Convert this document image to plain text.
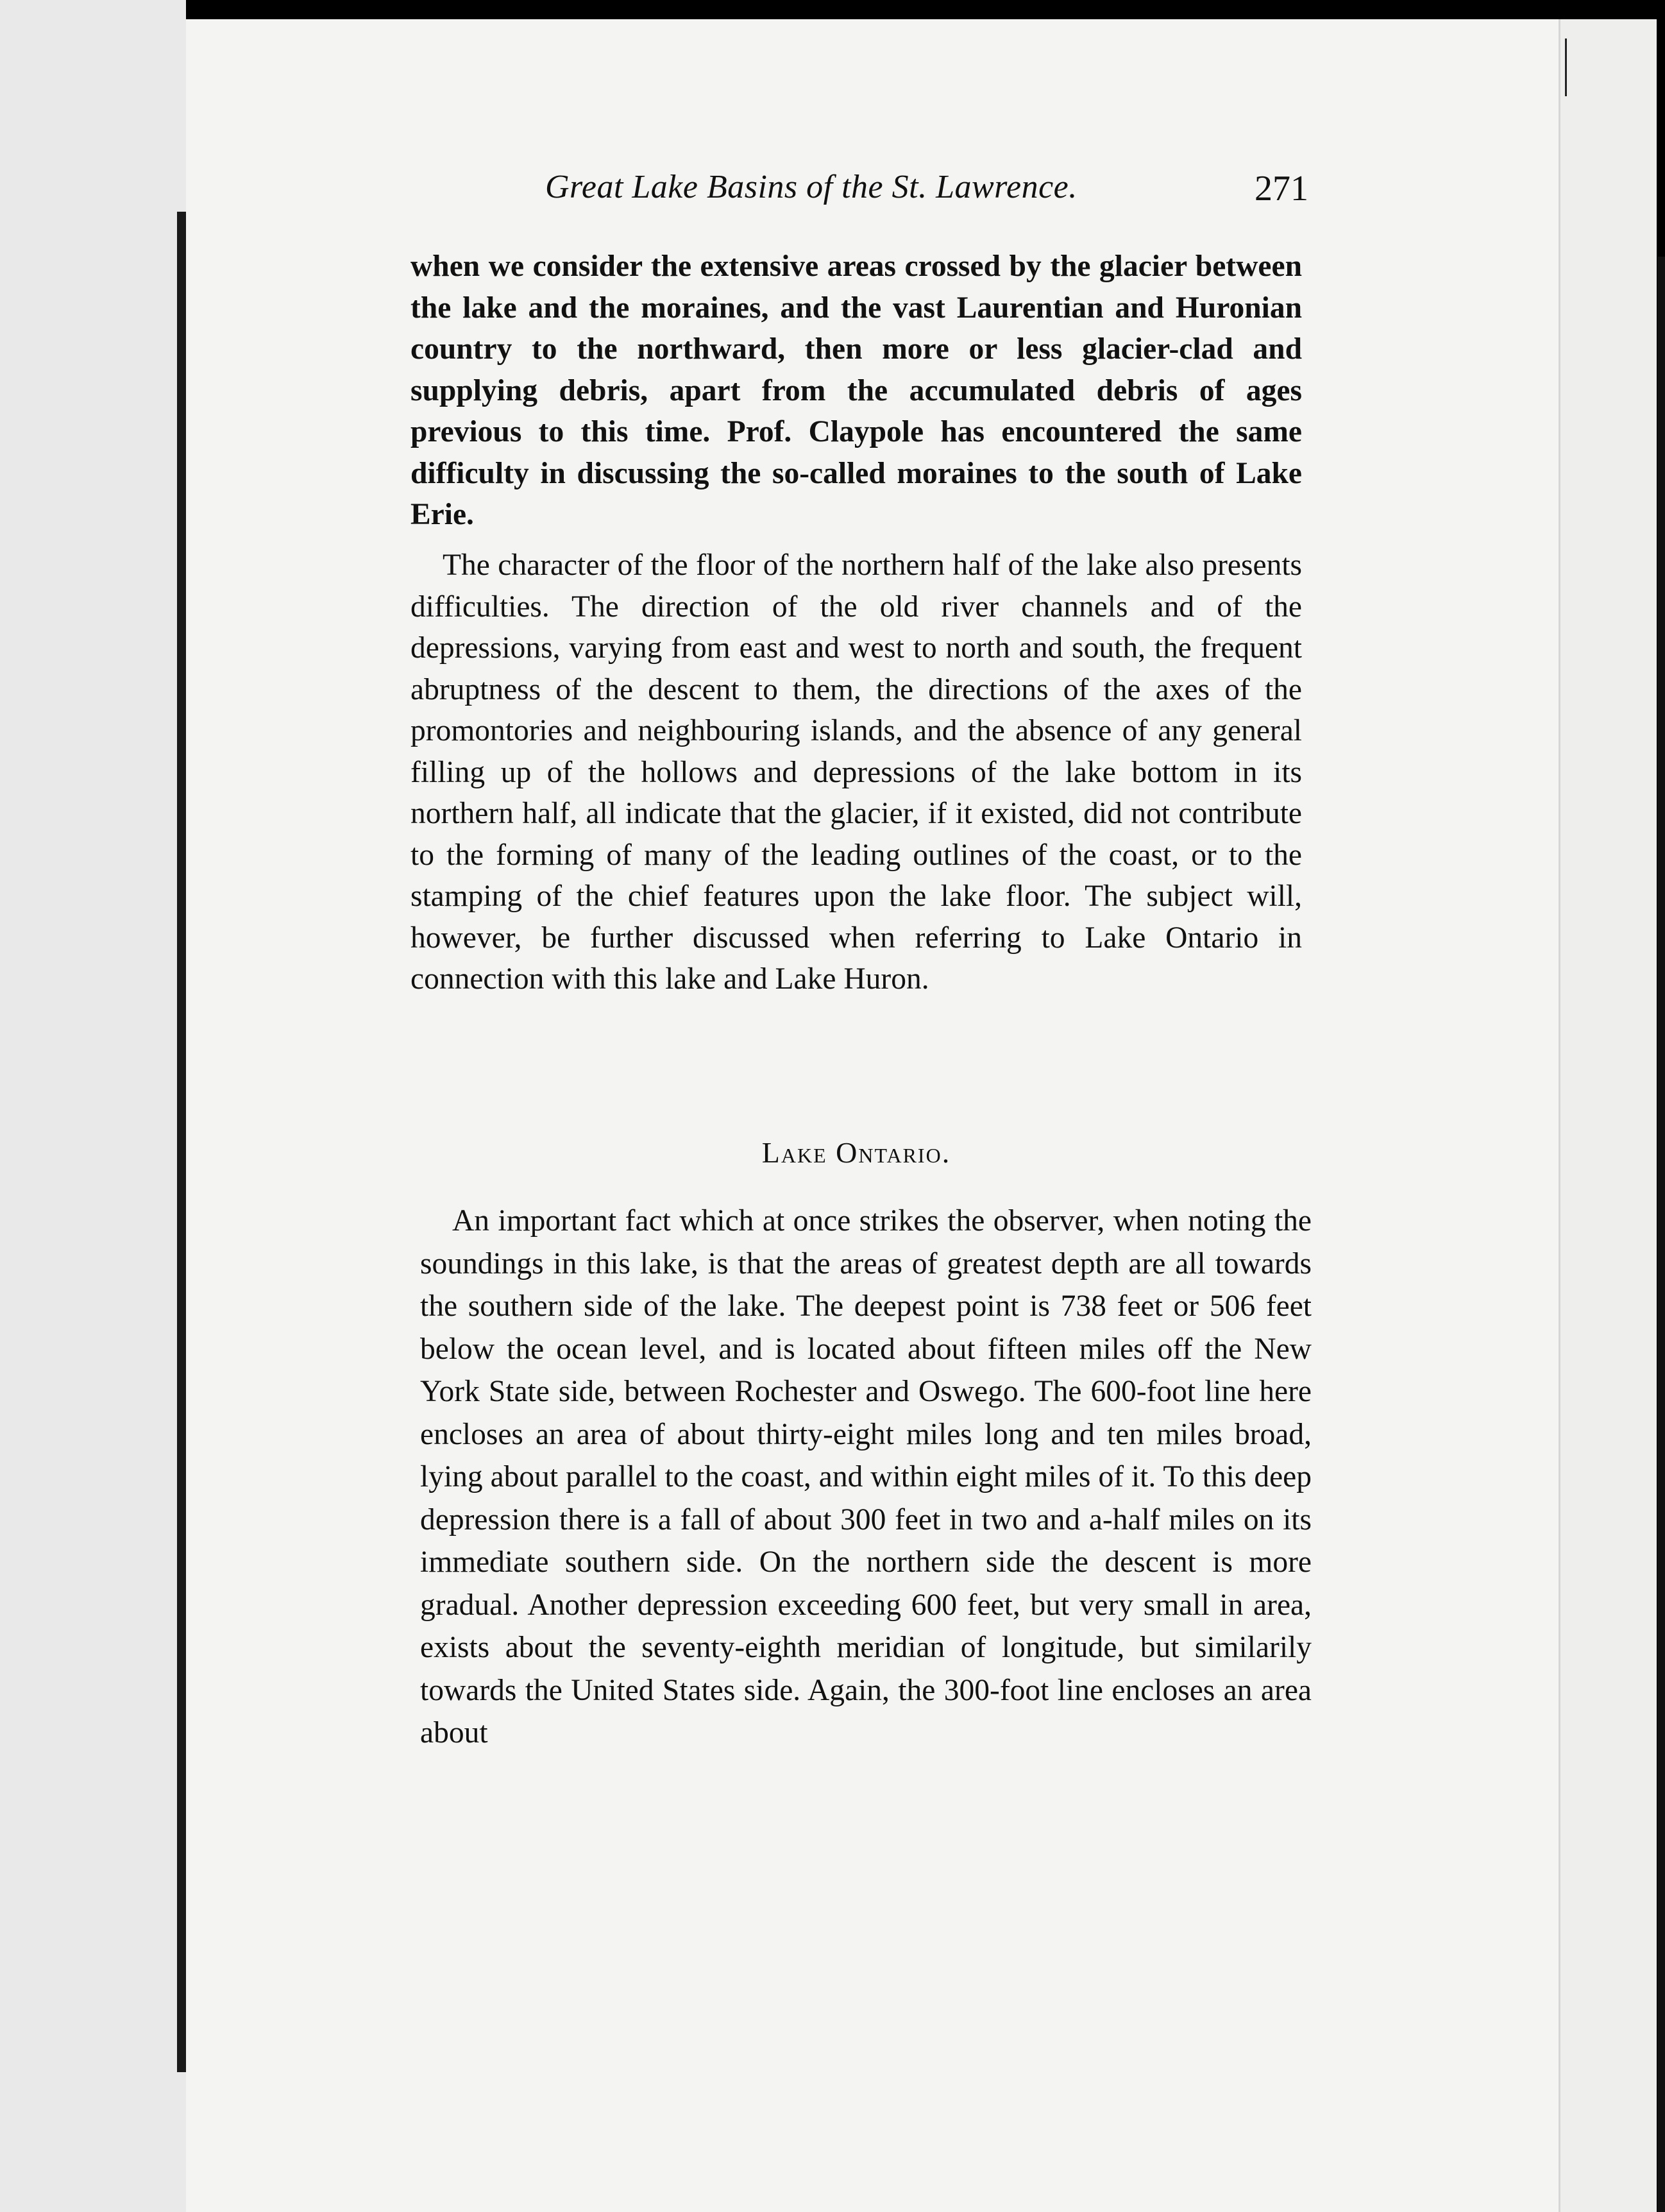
Great Lake Basins of the St. Lawrence.	271

when we consider the extensive areas crossed by the glacier between the lake and the moraines, and the vast Laurentian and Huronian country to the northward, then more or less glacier-clad and supplying debris, apart from the accumulated debris of ages previous to this time. Prof. Claypole has encountered the same difficulty in discussing the so-called moraines to the south of Lake Erie.

The character of the floor of the northern half of the lake also presents difficulties. The direction of the old river channels and of the depressions, varying from east and west to north and south, the frequent abruptness of the descent to them, the directions of the axes of the promontories and neighbouring islands, and the absence of any general filling up of the hollows and depressions of the lake bottom in its northern half, all indicate that the glacier, if it existed, did not contribute to the forming of many of the leading outlines of the coast, or to the stamping of the chief features upon the lake floor. The subject will, however, be further discussed when referring to Lake Ontario in connection with this lake and Lake Huron.

Lake Ontario.

An important fact which at once strikes the observer, when noting the soundings in this lake, is that the areas of greatest depth are all towards the southern side of the lake. The deepest point is 738 feet or 506 feet below the ocean level, and is located about fifteen miles off the New York State side, between Rochester and Oswego. The 600-foot line here encloses an area of about thirty-eight miles long and ten miles broad, lying about parallel to the coast, and within eight miles of it. To this deep depression there is a fall of about 300 feet in two and a-half miles on its immediate southern side. On the northern side the descent is more gradual. Another depression exceeding 600 feet, but very small in area, exists about the seventy-eighth meridian of longitude, but similarily towards the United States side. Again, the 300-foot line encloses an area about
